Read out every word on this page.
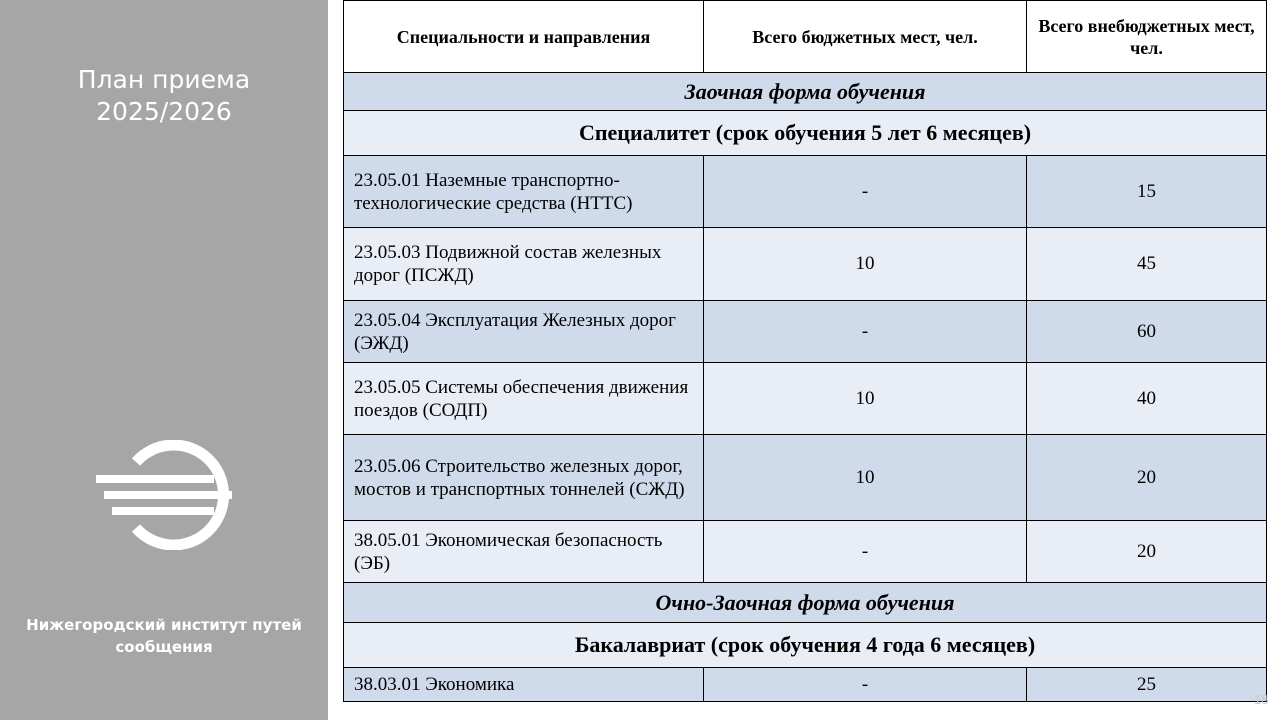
План приема
2025/2026
Нижегородский институт путей сообщения
Специальности и направления	Всего бюджетных мест, чел.	Всего внебюджетных мест, чел.
Заочная форма обучения		
Специалитет (срок обучения 5 лет 6 месяцев)		
23.05.01 Наземные транспортно-технологические средства (НТТС)	-	15
23.05.03 Подвижной состав железных дорог (ПСЖД)	10	45
23.05.04 Эксплуатация Железных дорог (ЭЖД)	-	60
23.05.05 Системы обеспечения движения поездов (СОДП)	10	40
23.05.06 Строительство железных дорог, мостов и транспортных тоннелей (СЖД)	10	20
38.05.01 Экономическая безопасность (ЭБ)	-	20
Очно-Заочная форма обучения		
Бакалавриат (срок обучения 4 года 6 месяцев)		
38.03.01 Экономика	-	25
18
